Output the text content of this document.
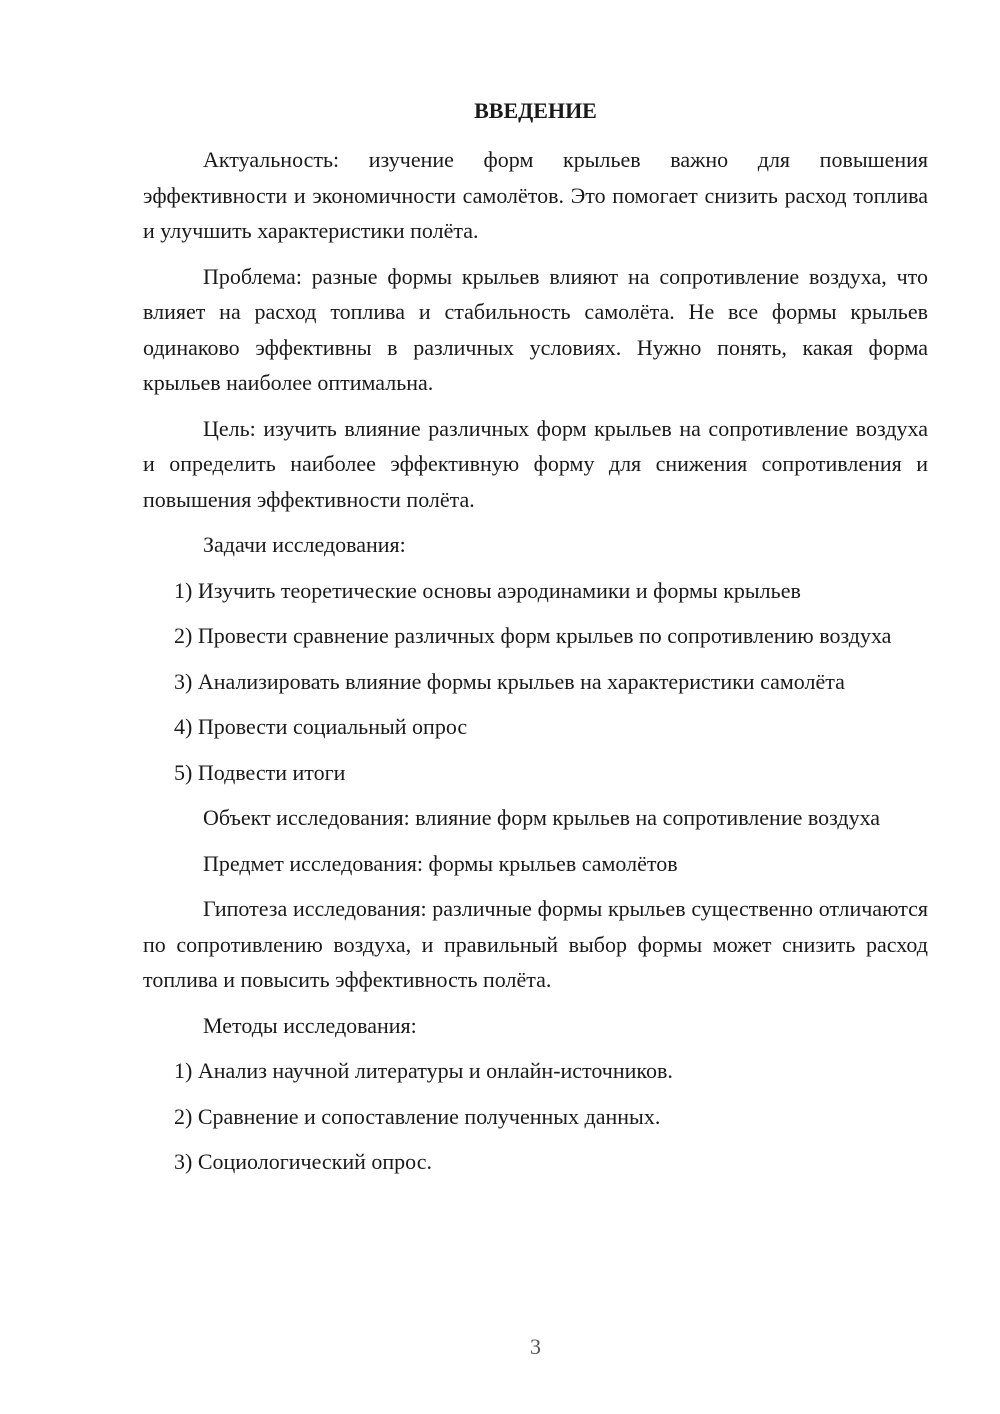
ВВЕДЕНИЕ

Актуальность: изучение форм крыльев важно для повышения эффективности и экономичности самолётов. Это помогает снизить расход топлива и улучшить характеристики полёта.

Проблема: разные формы крыльев влияют на сопротивление воздуха, что влияет на расход топлива и стабильность самолёта. Не все формы крыльев одинаково эффективны в различных условиях. Нужно понять, какая форма крыльев наиболее оптимальна.

Цель: изучить влияние различных форм крыльев на сопротивление воздуха и определить наиболее эффективную форму для снижения сопротивления и повышения эффективности полёта.

Задачи исследования:

1) Изучить теоретические основы аэродинамики и формы крыльев

2) Провести сравнение различных форм крыльев по сопротивлению воздуха

3) Анализировать влияние формы крыльев на характеристики самолёта

4) Провести социальный опрос

5) Подвести итоги

Объект исследования: влияние форм крыльев на сопротивление воздуха

Предмет исследования: формы крыльев самолётов

Гипотеза исследования: различные формы крыльев существенно отличаются по сопротивлению воздуха, и правильный выбор формы может снизить расход топлива и повысить эффективность полёта.

Методы исследования:

1) Анализ научной литературы и онлайн-источников.

2) Сравнение и сопоставление полученных данных.

3) Социологический опрос.

3
